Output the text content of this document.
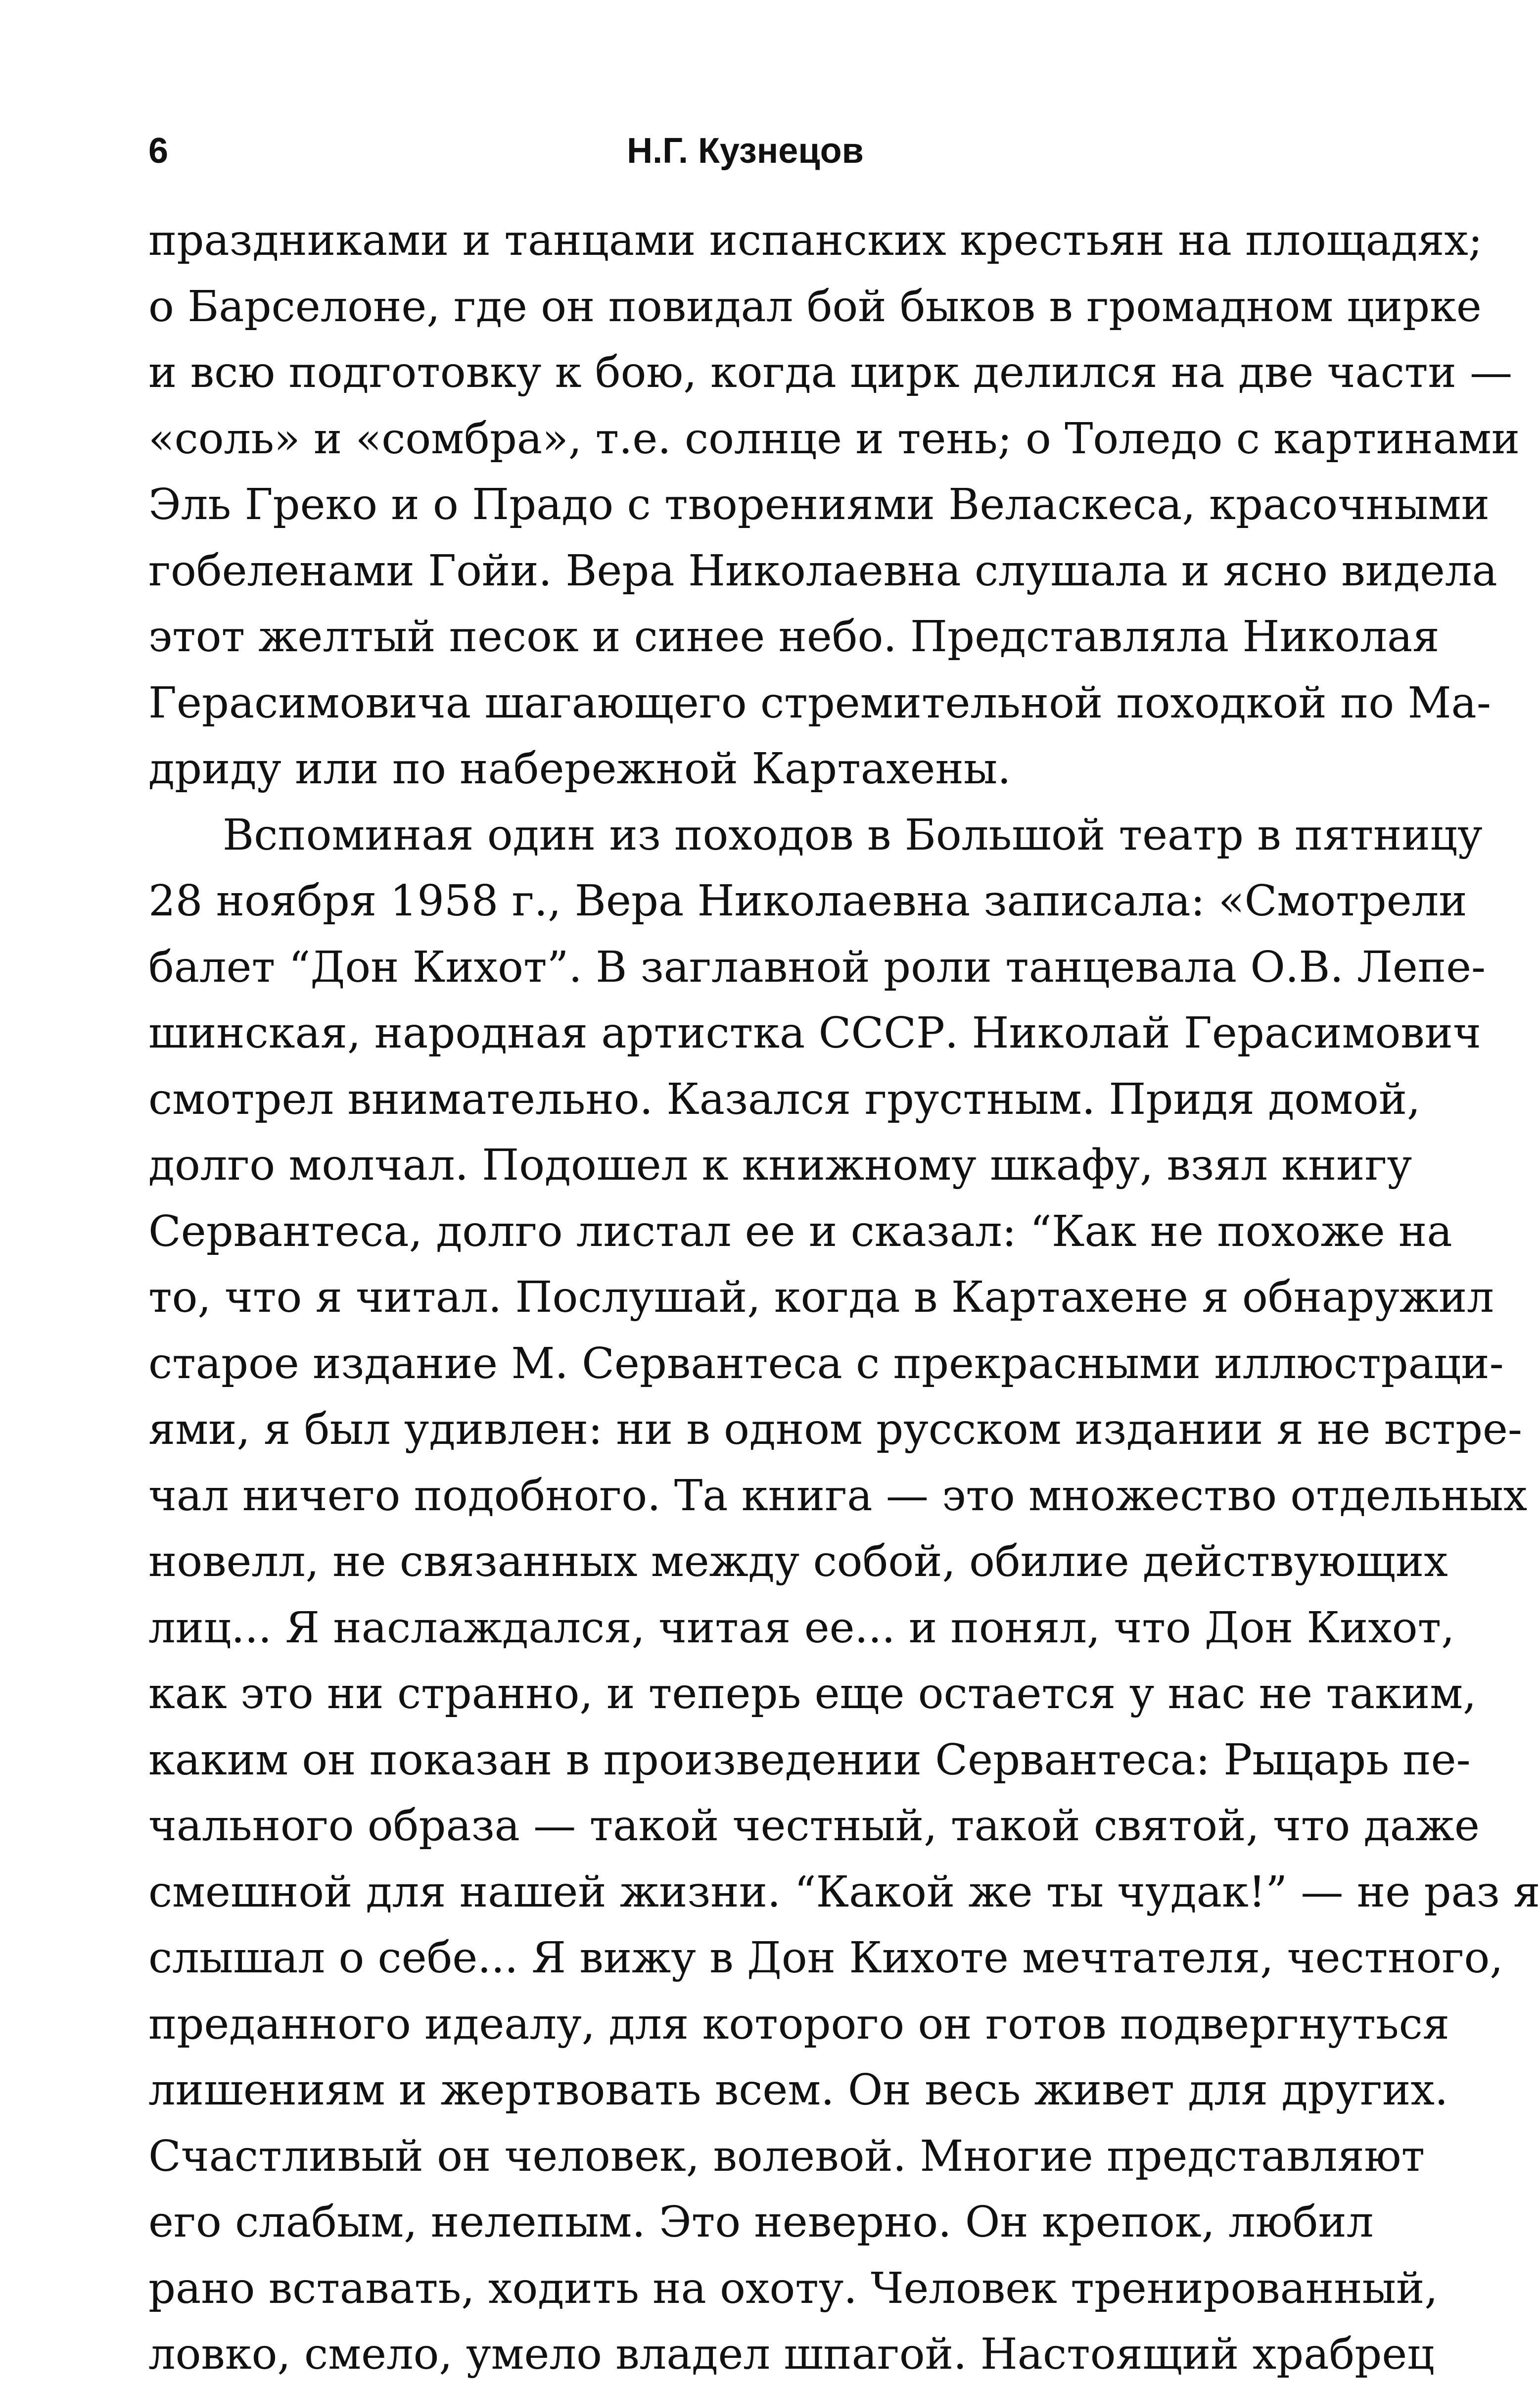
Н.Г. Кузнецов
6
праздниками и танцами испанских крестьян на площадях;
о Барселоне, где он повидал бой быков в громадном цирке
и всю подготовку к бою, когда цирк делился на две части —
«соль» и «сомбра», т.е. солнце и тень; о Толедо с картинами
Эль Греко и о Прадо с творениями Веласкеса, красочными
гобеленами Гойи. Вера Николаевна слушала и ясно видела
этот желтый песок и синее небо. Представляла Николая
Герасимовича шагающего стремительной походкой по Ма-
дриду или по набережной Картахены.
Вспоминая один из походов в Большой театр в пятницу
28 ноября 1958 г., Вера Николаевна записала: «Смотрели
балет “Дон Кихот”. В заглавной роли танцевала О.В. Лепе-
шинская, народная артистка СССР. Николай Герасимович
смотрел внимательно. Казался грустным. Придя домой,
долго молчал. Подошел к книжному шкафу, взял книгу
Сервантеса, долго листал ее и сказал: “Как не похоже на
то, что я читал. Послушай, когда в Картахене я обнаружил
старое издание М. Сервантеса с прекрасными иллюстраци-
ями, я был удивлен: ни в одном русском издании я не встре-
чал ничего подобного. Та книга — это множество отдельных
новелл, не связанных между собой, обилие действующих
лиц... Я наслаждался, читая ее... и понял, что Дон Кихот,
как это ни странно, и теперь еще остается у нас не таким,
каким он показан в произведении Сервантеса: Рыцарь пе-
чального образа — такой честный, такой святой, что даже
смешной для нашей жизни. “Какой же ты чудак!” — не раз я
слышал о себе... Я вижу в Дон Кихоте мечтателя, честного,
преданного идеалу, для которого он готов подвергнуться
лишениям и жертвовать всем. Он весь живет для других.
Счастливый он человек, волевой. Многие представляют
его слабым, нелепым. Это неверно. Он крепок, любил
рано вставать, ходить на охоту. Человек тренированный,
ловко, смело, умело владел шпагой. Настоящий храбрец
